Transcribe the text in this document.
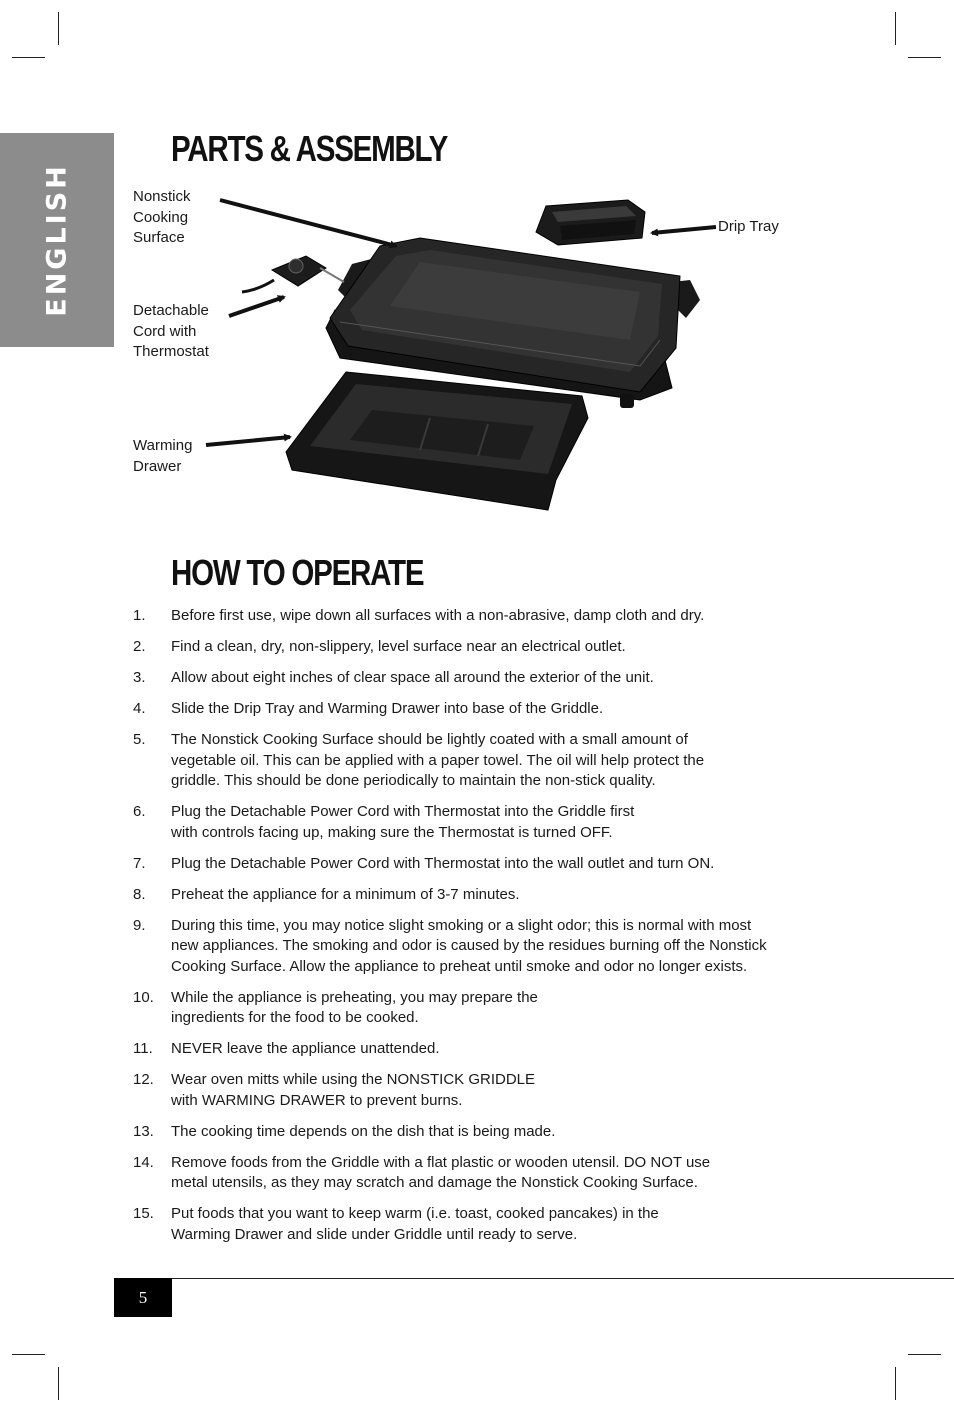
ENGLISH
PARTS & ASSEMBLY
Nonstick
Cooking
Surface
Detachable
Cord with
Thermostat
Warming
Drawer
Drip Tray
HOW TO OPERATE
1. Before first use, wipe down all surfaces with a non-abrasive, damp cloth and dry.
2. Find a clean, dry, non-slippery, level surface near an electrical outlet.
3. Allow about eight inches of clear space all around the exterior of the unit.
4. Slide the Drip Tray and Warming Drawer into base of the Griddle.
5. The Nonstick Cooking Surface should be lightly coated with a small amount of
vegetable oil. This can be applied with a paper towel. The oil will help protect the
griddle. This should be done periodically to maintain the non-stick quality.
6. Plug the Detachable Power Cord with Thermostat into the Griddle first
with controls facing up, making sure the Thermostat is turned OFF.
7. Plug the Detachable Power Cord with Thermostat into the wall outlet and turn ON.
8. Preheat the appliance for a minimum of 3-7 minutes.
9. During this time, you may notice slight smoking or a slight odor; this is normal with most
new appliances. The smoking and odor is caused by the residues burning off the Nonstick
Cooking Surface. Allow the appliance to preheat until smoke and odor no longer exists.
10. While the appliance is preheating, you may prepare the
ingredients for the food to be cooked.
11. NEVER leave the appliance unattended.
12. Wear oven mitts while using the NONSTICK GRIDDLE
with WARMING DRAWER to prevent burns.
13. The cooking time depends on the dish that is being made.
14. Remove foods from the Griddle with a flat plastic or wooden utensil. DO NOT use
metal utensils, as they may scratch and damage the Nonstick Cooking Surface.
15. Put foods that you want to keep warm (i.e. toast, cooked pancakes) in the
Warming Drawer and slide under Griddle until ready to serve.
5
